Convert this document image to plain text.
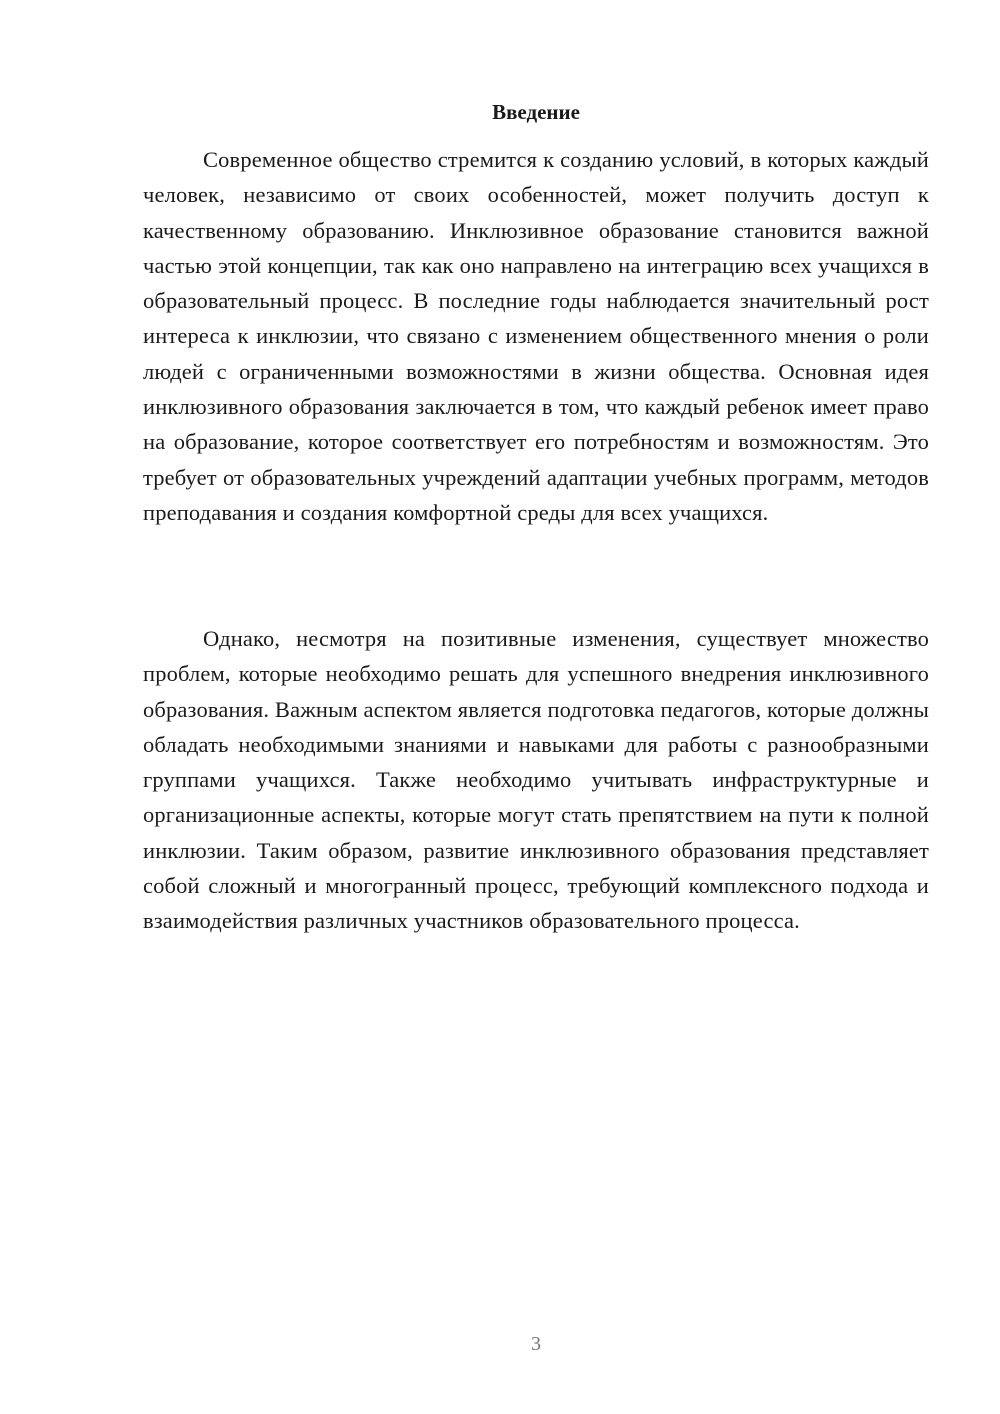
Введение

Современное общество стремится к созданию условий, в которых каждый человек, независимо от своих особенностей, может получить доступ к качественному образованию. Инклюзивное образование становится важной частью этой концепции, так как оно направлено на интеграцию всех учащихся в образовательный процесс. В последние годы наблюдается значительный рост интереса к инклюзии, что связано с изменением общественного мнения о роли людей с ограниченными возможностями в жизни общества. Основная идея инклюзивного образования заключается в том, что каждый ребенок имеет право на образование, которое соответствует его потребностям и возможностям. Это требует от образовательных учреждений адаптации учебных программ, методов преподавания и создания комфортной среды для всех учащихся.

Однако, несмотря на позитивные изменения, существует множество проблем, которые необходимо решать для успешного внедрения инклюзивного образования. Важным аспектом является подготовка педагогов, которые должны обладать необходимыми знаниями и навыками для работы с разнообразными группами учащихся. Также необходимо учитывать инфраструктурные и организационные аспекты, которые могут стать препятствием на пути к полной инклюзии. Таким образом, развитие инклюзивного образования представляет собой сложный и многогранный процесс, требующий комплексного подхода и взаимодействия различных участников образовательного процесса.

3
